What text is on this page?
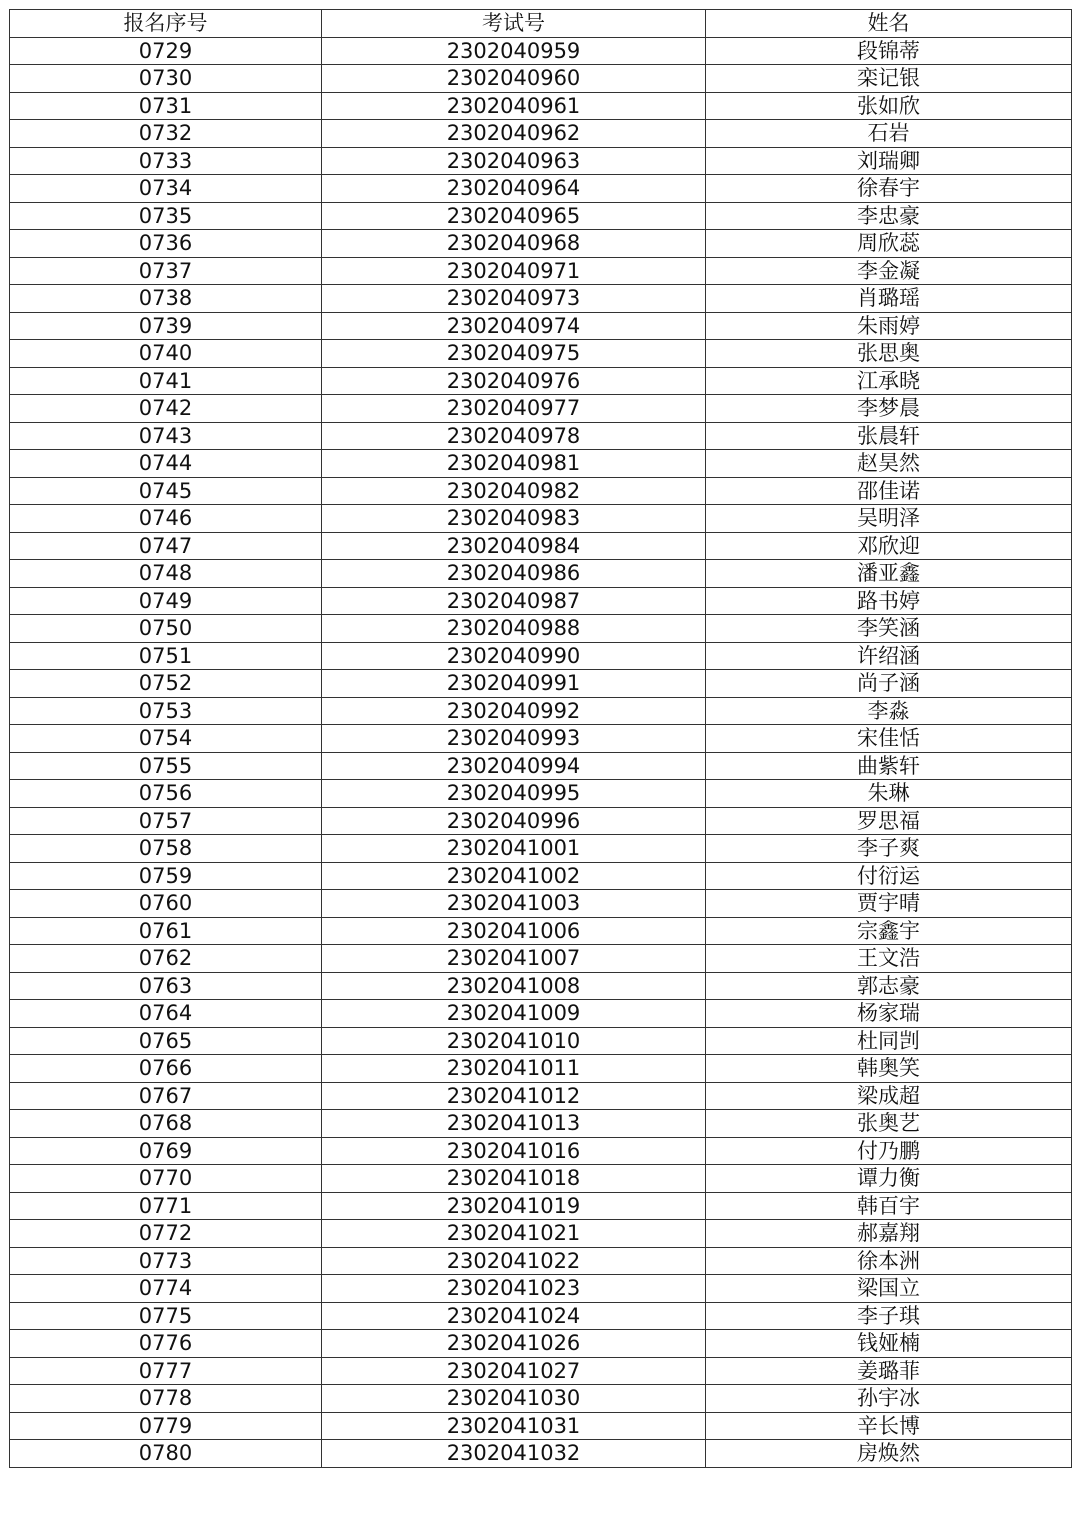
报名序号	考试号	姓名
0729	2302040959	段锦蒂
0730	2302040960	栾记银
0731	2302040961	张如欣
0732	2302040962	石岩
0733	2302040963	刘瑞卿
0734	2302040964	徐春宇
0735	2302040965	李忠豪
0736	2302040968	周欣蕊
0737	2302040971	李金凝
0738	2302040973	肖璐瑶
0739	2302040974	朱雨婷
0740	2302040975	张思奥
0741	2302040976	江承晓
0742	2302040977	李梦晨
0743	2302040978	张晨轩
0744	2302040981	赵昊然
0745	2302040982	邵佳诺
0746	2302040983	吴明泽
0747	2302040984	邓欣迎
0748	2302040986	潘亚鑫
0749	2302040987	路书婷
0750	2302040988	李笑涵
0751	2302040990	许绍涵
0752	2302040991	尚子涵
0753	2302040992	李淼
0754	2302040993	宋佳恬
0755	2302040994	曲紫轩
0756	2302040995	朱琳
0757	2302040996	罗思福
0758	2302041001	李子爽
0759	2302041002	付衍运
0760	2302041003	贾宇晴
0761	2302041006	宗鑫宇
0762	2302041007	王文浩
0763	2302041008	郭志豪
0764	2302041009	杨家瑞
0765	2302041010	杜同剀
0766	2302041011	韩奥笑
0767	2302041012	梁成超
0768	2302041013	张奥艺
0769	2302041016	付乃鹏
0770	2302041018	谭力衡
0771	2302041019	韩百宇
0772	2302041021	郝嘉翔
0773	2302041022	徐本洲
0774	2302041023	梁国立
0775	2302041024	李子琪
0776	2302041026	钱娅楠
0777	2302041027	姜璐菲
0778	2302041030	孙宇冰
0779	2302041031	辛长博
0780	2302041032	房焕然
